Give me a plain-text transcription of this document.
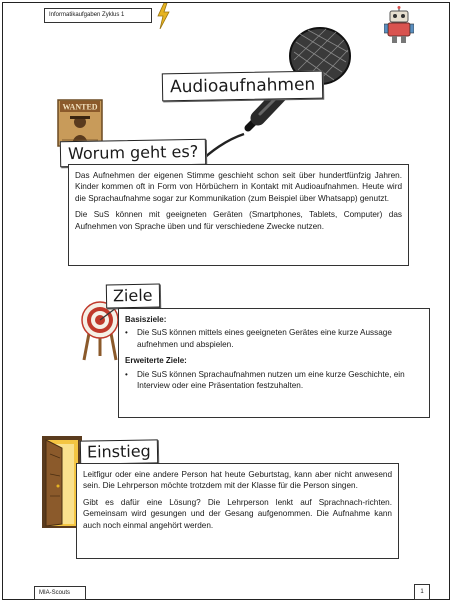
Informatikaufgaben Zyklus 1
Audioaufnahmen
WANTED
Worum geht es?

Das Aufnehmen der eigenen Stimme geschieht schon seit über hundertfünfzig Jahren. Kinder kommen oft in Form von Hörbüchern in Kontakt mit Audioaufnahmen. Heute wird die Sprachaufnahme sogar zur Kommunikation (zum Beispiel über Whatsapp) genutzt.

Die SuS können mit geeigneten Geräten (Smartphones, Tablets, Computer) das Aufnehmen von Sprache üben und für verschiedene Zwecke nutzen.

Ziele
Basisziele:
•	Die SuS können mittels eines geeigneten Gerätes eine kurze Aussage aufnehmen und abspielen.
Erweiterte Ziele:
•	Die SuS können Sprachaufnahmen nutzen um eine kurze Geschichte, ein Interview oder eine Präsentation festzuhalten.
Einstieg

Leitfigur oder eine andere Person hat heute Geburtstag, kann aber nicht anwesend sein. Die Lehrperson möchte trotzdem mit der Klasse für die Person singen.

Gibt es dafür eine Lösung? Die Lehrperson lenkt auf Sprachnach-richten. Gemeinsam wird gesungen und der Gesang aufgenommen. Die Aufnahme kann auch noch einmal angehört werden.

MIA-Scouts	1
